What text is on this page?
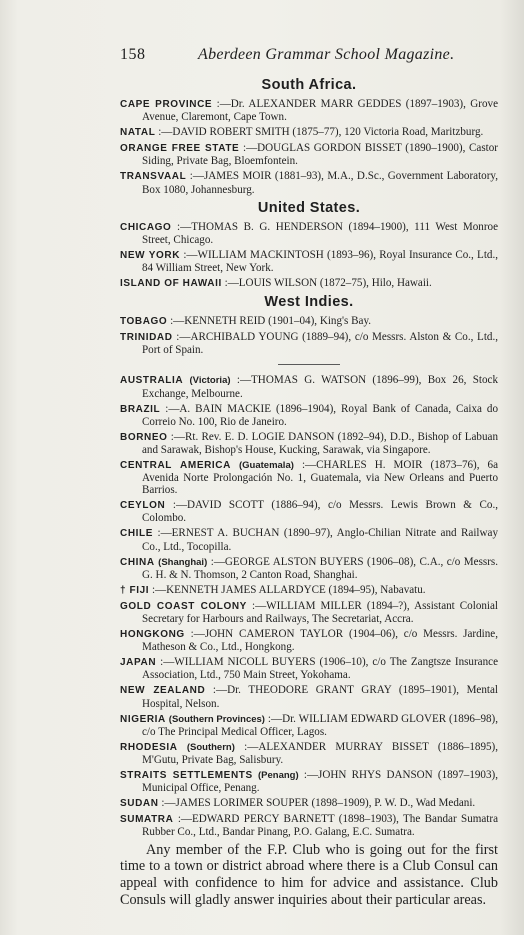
158	Aberdeen Grammar School Magazine.
South Africa.

CAPE PROVINCE :—Dr. ALEXANDER MARR GEDDES (1897–1903), Grove Avenue, Claremont, Cape Town.

NATAL :—DAVID ROBERT SMITH (1875–77), 120 Victoria Road, Maritzburg.

ORANGE FREE STATE :—DOUGLAS GORDON BISSET (1890–1900), Castor Siding, Private Bag, Bloemfontein.

TRANSVAAL :—JAMES MOIR (1881–93), M.A., D.Sc., Government Laboratory, Box 1080, Johannesburg.

United States.

CHICAGO :—THOMAS B. G. HENDERSON (1894–1900), 111 West Monroe Street, Chicago.

NEW YORK :—WILLIAM MACKINTOSH (1893–96), Royal Insurance Co., Ltd., 84 William Street, New York.

ISLAND OF HAWAII :—LOUIS WILSON (1872–75), Hilo, Hawaii.

West Indies.

TOBAGO :—KENNETH REID (1901–04), King's Bay.

TRINIDAD :—ARCHIBALD YOUNG (1889–94), c/o Messrs. Alston & Co., Ltd., Port of Spain.

AUSTRALIA (Victoria) :—THOMAS G. WATSON (1896–99), Box 26, Stock Exchange, Melbourne.

BRAZIL :—A. BAIN MACKIE (1896–1904), Royal Bank of Canada, Caixa do Correio No. 100, Rio de Janeiro.

BORNEO :—Rt. Rev. E. D. LOGIE DANSON (1892–94), D.D., Bishop of Labuan and Sarawak, Bishop's House, Kucking, Sarawak, via Singapore.

CENTRAL AMERICA (Guatemala) :—CHARLES H. MOIR (1873–76), 6a Avenida Norte Prolongación No. 1, Guatemala, via New Orleans and Puerto Barrios.

CEYLON :—DAVID SCOTT (1886–94), c/o Messrs. Lewis Brown & Co., Colombo.

CHILE :—ERNEST A. BUCHAN (1890–97), Anglo-Chilian Nitrate and Railway Co., Ltd., Tocopilla.

CHINA (Shanghai) :—GEORGE ALSTON BUYERS (1906–08), C.A., c/o Messrs. G. H. & N. Thomson, 2 Canton Road, Shanghai.

† FIJI :—KENNETH JAMES ALLARDYCE (1894–95), Nabavatu.

GOLD COAST COLONY :—WILLIAM MILLER (1894–?), Assistant Colonial Secretary for Harbours and Railways, The Secretariat, Accra.

HONGKONG :—JOHN CAMERON TAYLOR (1904–06), c/o Messrs. Jardine, Matheson & Co., Ltd., Hongkong.

JAPAN :—WILLIAM NICOLL BUYERS (1906–10), c/o The Zangtsze Insurance Association, Ltd., 750 Main Street, Yokohama.

NEW ZEALAND :—Dr. THEODORE GRANT GRAY (1895–1901), Mental Hospital, Nelson.

NIGERIA (Southern Provinces) :—Dr. WILLIAM EDWARD GLOVER (1896–98), c/o The Principal Medical Officer, Lagos.

RHODESIA (Southern) :—ALEXANDER MURRAY BISSET (1886–1895), M'Gutu, Private Bag, Salisbury.

STRAITS SETTLEMENTS (Penang) :—JOHN RHYS DANSON (1897–1903), Municipal Office, Penang.

SUDAN :—JAMES LORIMER SOUPER (1898–1909), P. W. D., Wad Medani.

SUMATRA :—EDWARD PERCY BARNETT (1898–1903), The Bandar Sumatra Rubber Co., Ltd., Bandar Pinang, P.O. Galang, E.C. Sumatra.

Any member of the F.P. Club who is going out for the first time to a town or district abroad where there is a Club Consul can appeal with confidence to him for advice and assistance. Club Consuls will gladly answer inquiries about their particular areas.
